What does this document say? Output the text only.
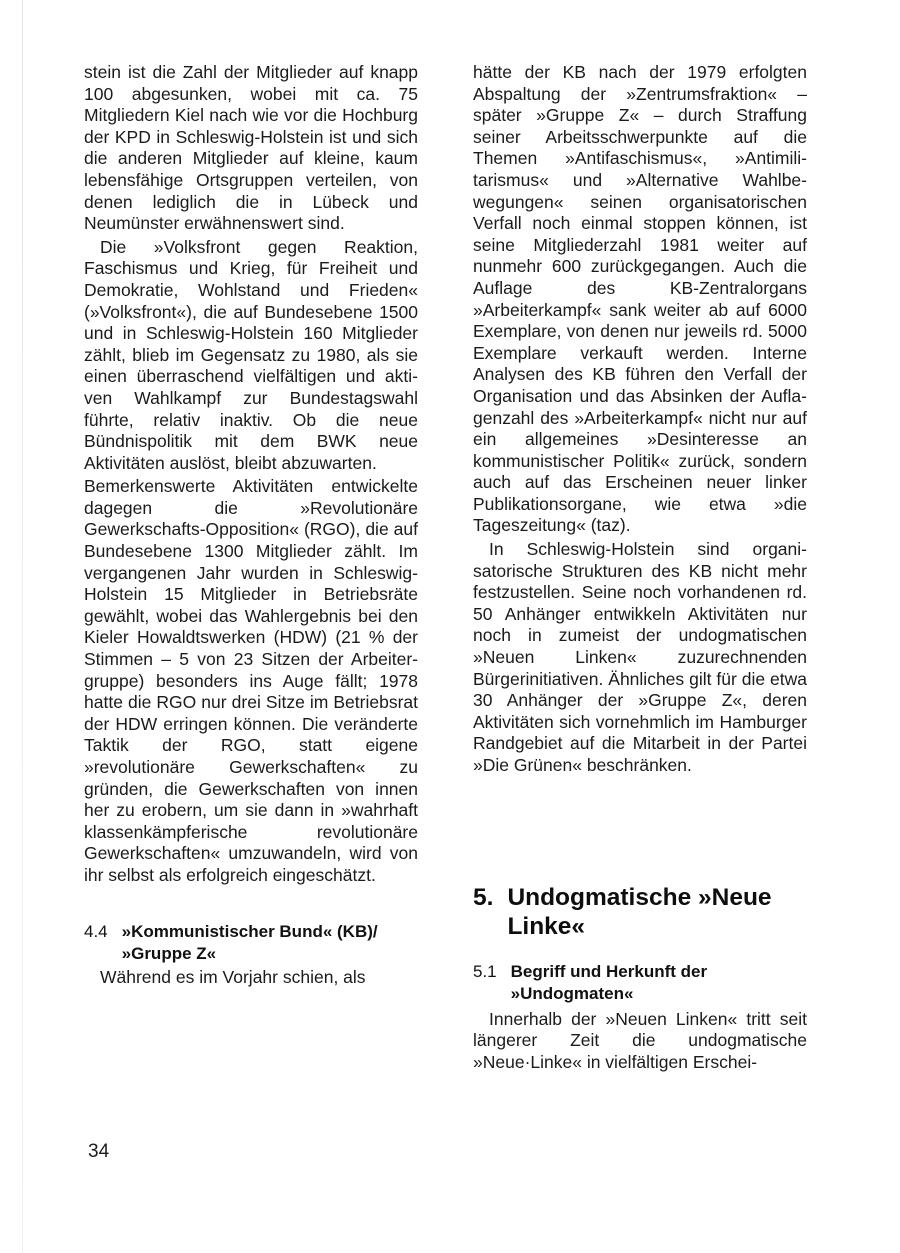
stein ist die Zahl der Mitglieder auf knapp 100 abgesunken, wobei mit ca. 75 Mitgliedern Kiel nach wie vor die Hochburg der KPD in Schleswig-Holstein ist und sich die anderen Mitglieder auf kleine, kaum lebensfähige Ortsgruppen verteilen, von denen lediglich die in Lübeck und Neumünster erwähnenswert sind.

Die »Volksfront gegen Reaktion, Faschismus und Krieg, für Freiheit und Demokratie, Wohlstand und Frieden« (»Volksfront«), die auf Bundesebene 1500 und in Schleswig-Holstein 160 Mitglieder zählt, blieb im Gegensatz zu 1980, als sie einen überraschend vielfältigen und aktiven Wahlkampf zur Bundestagswahl führte, relativ inaktiv. Ob die neue Bündnispolitik mit dem BWK neue Aktivitäten auslöst, bleibt abzuwarten.

Bemerkenswerte Aktivitäten entwickelte dagegen die »Revolutionäre Gewerkschafts-Opposition« (RGO), die auf Bundesebene 1300 Mitglieder zählt. Im vergangenen Jahr wurden in Schleswig-Holstein 15 Mitglieder in Betriebsräte gewählt, wobei das Wahlergebnis bei den Kieler Howaldtswerken (HDW) (21 % der Stimmen – 5 von 23 Sitzen der Arbeitergruppe) besonders ins Auge fällt; 1978 hatte die RGO nur drei Sitze im Betriebsrat der HDW erringen können. Die veränderte Taktik der RGO, statt eigene »revolutionäre Gewerkschaften« zu gründen, die Gewerkschaften von innen her zu erobern, um sie dann in »wahrhaft klassenkämpferische revolutionäre Gewerkschaften« umzuwandeln, wird von ihr selbst als erfolgreich eingeschätzt.

4.4 »Kommunistischer Bund« (KB)/ »Gruppe Z«

Während es im Vorjahr schien, als

hätte der KB nach der 1979 erfolgten Abspaltung der »Zentrumsfraktion« – später »Gruppe Z« – durch Straffung seiner Arbeitsschwerpunkte auf die Themen »Antifaschismus«, »Antimilitarismus« und »Alternative Wahlbewegungen« seinen organisatorischen Verfall noch einmal stoppen können, ist seine Mitgliederzahl 1981 weiter auf nunmehr 600 zurückgegangen. Auch die Auflage des KB-Zentralorgans »Arbeiterkampf« sank weiter ab auf 6000 Exemplare, von denen nur jeweils rd. 5000 Exemplare verkauft werden. Interne Analysen des KB führen den Verfall der Organisation und das Absinken der Auflagenzahl des »Arbeiterkampf« nicht nur auf ein allgemeines »Desinteresse an kommunistischer Politik« zurück, sondern auch auf das Erscheinen neuer linker Publikationsorgane, wie etwa »die Tageszeitung« (taz).

In Schleswig-Holstein sind organisatorische Strukturen des KB nicht mehr festzustellen. Seine noch vorhandenen rd. 50 Anhänger entwikkeln Aktivitäten nur noch in zumeist der undogmatischen »Neuen Linken« zuzurechnenden Bürgerinitiativen. Ähnliches gilt für die etwa 30 Anhänger der »Gruppe Z«, deren Aktivitäten sich vornehmlich im Hamburger Randgebiet auf die Mitarbeit in der Partei »Die Grünen« beschränken.

5. Undogmatische »Neue Linke«
5.1 Begriff und Herkunft der »Undogmaten«

Innerhalb der »Neuen Linken« tritt seit längerer Zeit die undogmatische »Neue·Linke« in vielfältigen Erschei-

34
